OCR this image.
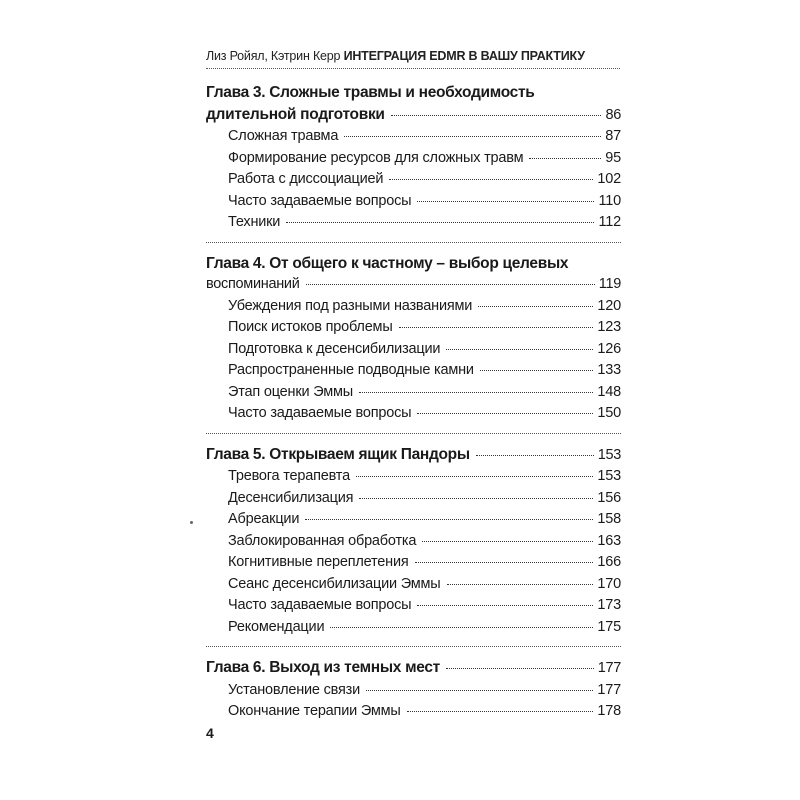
Лиз Ройял, Кэтрин Керр ИНТЕГРАЦИЯ EDMR В ВАШУ ПРАКТИКУ
Глава 3. Сложные травмы и необходимость
длительной подготовки	86
Сложная травма	87
Формирование ресурсов для сложных травм	95
Работа с диссоциацией	102
Часто задаваемые вопросы	110
Техники	112
Глава 4. От общего к частному – выбор целевых
воспоминаний	119
Убеждения под разными названиями	120
Поиск истоков проблемы	123
Подготовка к десенсибилизации	126
Распространенные подводные камни	133
Этап оценки Эммы	148
Часто задаваемые вопросы	150
Глава 5. Открываем ящик Пандоры	153
Тревога терапевта	153
Десенсибилизация	156
Абреакции	158
Заблокированная обработка	163
Когнитивные переплетения	166
Сеанс десенсибилизации Эммы	170
Часто задаваемые вопросы	173
Рекомендации	175
Глава 6. Выход из темных мест	177
Установление связи	177
Окончание терапии Эммы	178
4
